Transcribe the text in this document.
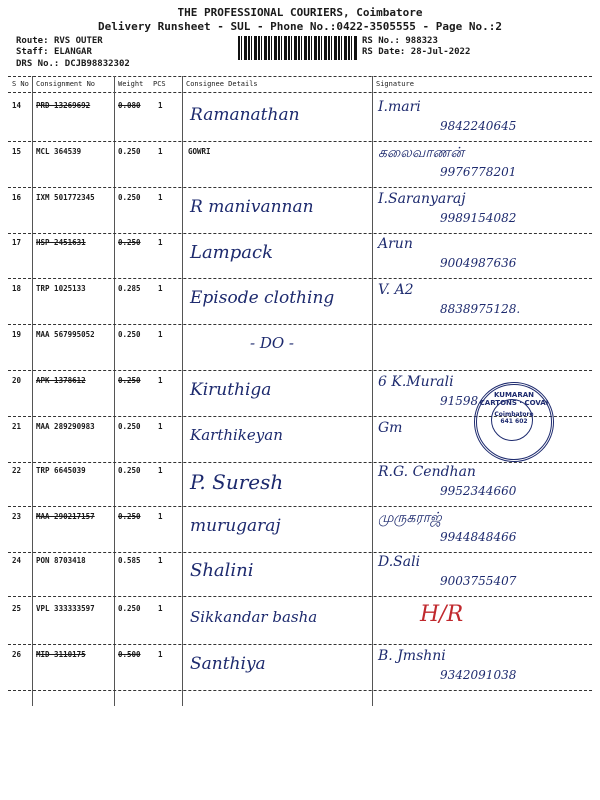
THE PROFESSIONAL COURIERS, Coimbatore
Delivery Runsheet - SUL - Phone No.:0422-3505555 - Page No.:2
Route: RVS OUTER
Staff: ELANGAR
DRS No.: DCJB9883230​2
RS No.: 988323
RS Date: 28-Jul-2022
S No Consignment No	Weight PCS	Consignee Details	Signature
14 PRD 13269692	0.080 1 Ramanathan	I.mari
9842240645
15 MCL 364539	0.250 1	GOWRI	கலைவாணன்
9976778201
16 IXM 501772345	0.250 1 R manivannan	I.Saranyaraj
9989154082
17 HSP 2451631	0.250 1 Lampack	Arun
9004987636
18 TRP 1025133	0.285 1 Episode clothing	V. A2
8838975128.
19 MAA 567995052	0.250 1	- DO -
20 APK 1378612	0.250 1 Kiruthiga	6 K.Murali
91598
21 MAA 289290983	0.250 1 Karthikeyan	Gm
22 TRP 6645039	0.250 1 P. Suresh	R.G. Cendhan
9952344660
23 MAA 290217157	0.250 1 murugaraj	முருகராஜ்
9944848466
24 PON 8703418	0.585 1 Shalini	D.Sali
9003755407
25 VPL 333333597	0.250 1 Sikkandar basha	H/R
26 MID 3110175	0.500 1 Santhiya	B. Jmshni
9342091038
KUMARAN CARTONS · COVAI
Coimbatore 641 602
